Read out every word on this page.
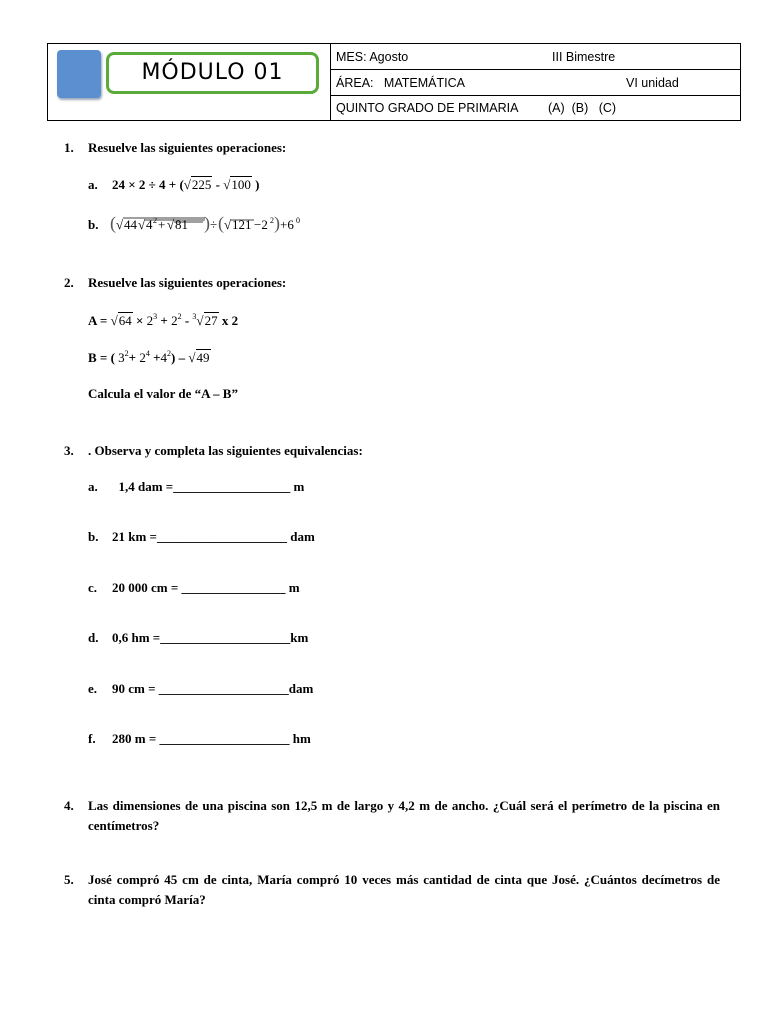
MÓDULO 01
MES: Agosto	III Bimestre
ÁREA:   MATEMÁTICA	VI unidad
QUINTO GRADO DE PRIMARIA (A)  (B)   (C)
1. Resuelve las siguientes operaciones:
a. 24 × 2 ÷ 4 + (√225 - √100 )
b. ( √ 44 √ 4 2 + √ 81 ) ÷ ( √ 121 −2 2 ) +6 0
2. Resuelve las siguientes operaciones:
$A = √64 \times 2^3 + 2^2 - ^3√27$ x 2
B = ( $3^2+ 2^4 +4^2) - √49$
Calcula el valor de “A – B”
3. . Observa y completa las siguientes equivalencias:
a. 1,4 dam =__________________ m
b. 21 km =____________________ dam
c. 20 000 cm = ________________ m
d. 0,6 hm =____________________km
e. 90 cm = ____________________dam
f. 280 m = ____________________ hm
4. Las dimensiones de una piscina son 12,5 m de largo y 4,2 m de ancho. ¿Cuál será el perímetro de la piscina en centímetros?
5. José compró 45 cm de cinta, María compró 10 veces más cantidad de cinta que José. ¿Cuántos decímetros de cinta compró María?
